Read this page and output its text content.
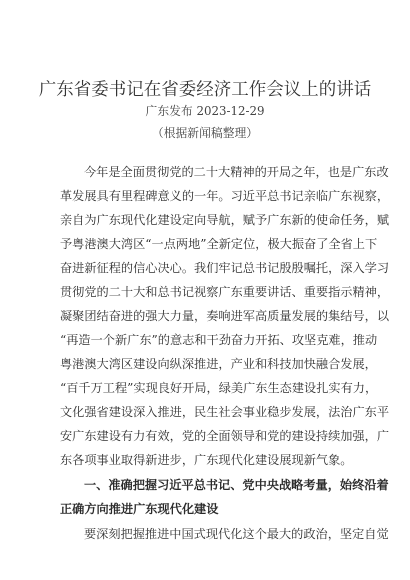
广东省委书记在省委经济工作会议上的讲话
广东发布 2023-12-29
（根据新闻稿整理）
今年是全面贯彻党的二十大精神的开局之年，也是广东改
革发展具有里程碑意义的一年。习近平总书记亲临广东视察，
亲自为广东现代化建设定向导航，赋予广东新的使命任务，赋
予粤港澳大湾区“一点两地”全新定位，极大振奋了全省上下
奋进新征程的信心决心。我们牢记总书记殷殷嘱托，深入学习
贯彻党的二十大和总书记视察广东重要讲话、重要指示精神，
凝聚团结奋进的强大力量，奏响进军高质量发展的集结号，以
“再造一个新广东”的意志和干劲奋力开拓、攻坚克难，推动
粤港澳大湾区建设向纵深推进，产业和科技加快融合发展，
“百千万工程”实现良好开局，绿美广东生态建设扎实有力，
文化强省建设深入推进，民生社会事业稳步发展，法治广东平
安广东建设有力有效，党的全面领导和党的建设持续加强，广
东各项事业取得新进步，广东现代化建设展现新气象。
一、准确把握习近平总书记、党中央战略考量，始终沿着
正确方向推进广东现代化建设
要深刻把握推进中国式现代化这个最大的政治，坚定自觉
